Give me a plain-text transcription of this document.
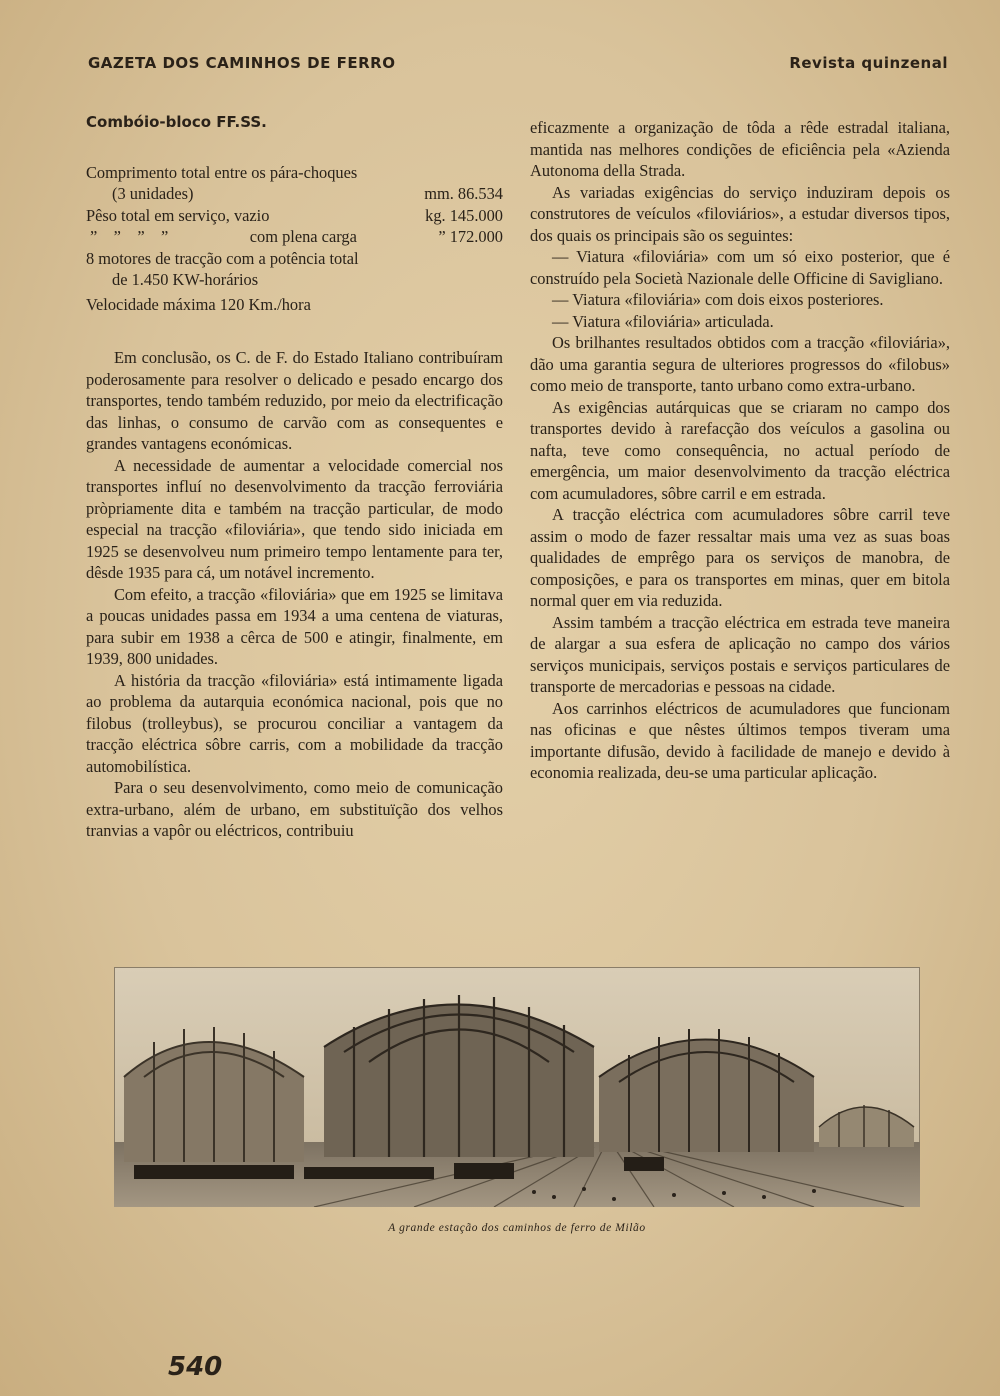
GAZETA DOS CAMINHOS DE FERRO	Revista quinzenal
Combóio-bloco FF.SS.
Comprimento total entre os pára-choques
(3 unidades)	mm. 86.534
Pêso total em serviço, vazio	kg. 145.000
”    ”    ”    ”	com plena carga	” 172.000
8 motores de tracção com a potência total
de 1.450 KW-horários
Velocidade máxima 120 Km./hora

Em conclusão, os C. de F. do Estado Italiano contribuíram poderosamente para resolver o delicado e pesado encargo dos transportes, tendo também reduzido, por meio da electrificação das linhas, o consumo de carvão com as consequentes e grandes vantagens económicas.

A necessidade de aumentar a velocidade comercial nos transportes influí no desenvolvimento da tracção ferroviária pròpriamente dita e também na tracção particular, de modo especial na tracção «filoviária», que tendo sido iniciada em 1925 se desenvolveu num primeiro tempo lentamente para ter, dêsde 1935 para cá, um notável incremento.

Com efeito, a tracção «filoviária» que em 1925 se limitava a poucas unidades passa em 1934 a uma centena de viaturas, para subir em 1938 a cêrca de 500 e atingir, finalmente, em 1939, 800 unidades.

A história da tracção «filoviária» está intimamente ligada ao problema da autarquia económica nacional, pois que no filobus (trolleybus), se procurou conciliar a vantagem da tracção eléctrica sôbre carris, com a mobilidade da tracção automobilística.

Para o seu desenvolvimento, como meio de comunicação extra-urbano, além de urbano, em substituïção dos velhos tranvias a vapôr ou eléctricos, contribuiu

eficazmente a organização de tôda a rêde estradal italiana, mantida nas melhores condições de eficiência pela «Azienda Autonoma della Strada.

As variadas exigências do serviço induziram depois os construtores de veículos «filoviários», a estudar diversos tipos, dos quais os principais são os seguintes:

— Viatura «filoviária» com um só eixo posterior, que é construído pela Società Nazionale delle Officine di Savigliano.

— Viatura «filoviária» com dois eixos posteriores.

— Viatura «filoviária» articulada.

Os brilhantes resultados obtidos com a tracção «filoviária», dão uma garantia segura de ulteriores progressos do «filobus» como meio de transporte, tanto urbano como extra-urbano.

As exigências autárquicas que se criaram no campo dos transportes devido à rarefacção dos veículos a gasolina ou nafta, teve como consequência, no actual período de emergência, um maior desenvolvimento da tracção eléctrica com acumuladores, sôbre carril e em estrada.

A tracção eléctrica com acumuladores sôbre carril teve assim o modo de fazer ressaltar mais uma vez as suas boas qualidades de emprêgo para os serviços de manobra, de composições, e para os transportes em minas, quer em bitola normal quer em via reduzida.

Assim também a tracção eléctrica em estrada teve maneira de alargar a sua esfera de aplicação no campo dos vários serviços municipais, serviços postais e serviços particulares de transporte de mercadorias e pessoas na cidade.

Aos carrinhos eléctricos de acumuladores que funcionam nas oficinas e que nêstes últimos tempos tiveram uma importante difusão, devido à facilidade de manejo e devido à economia realizada, deu-se uma particular aplicação.

A grande estação dos caminhos de ferro de Milão
540
